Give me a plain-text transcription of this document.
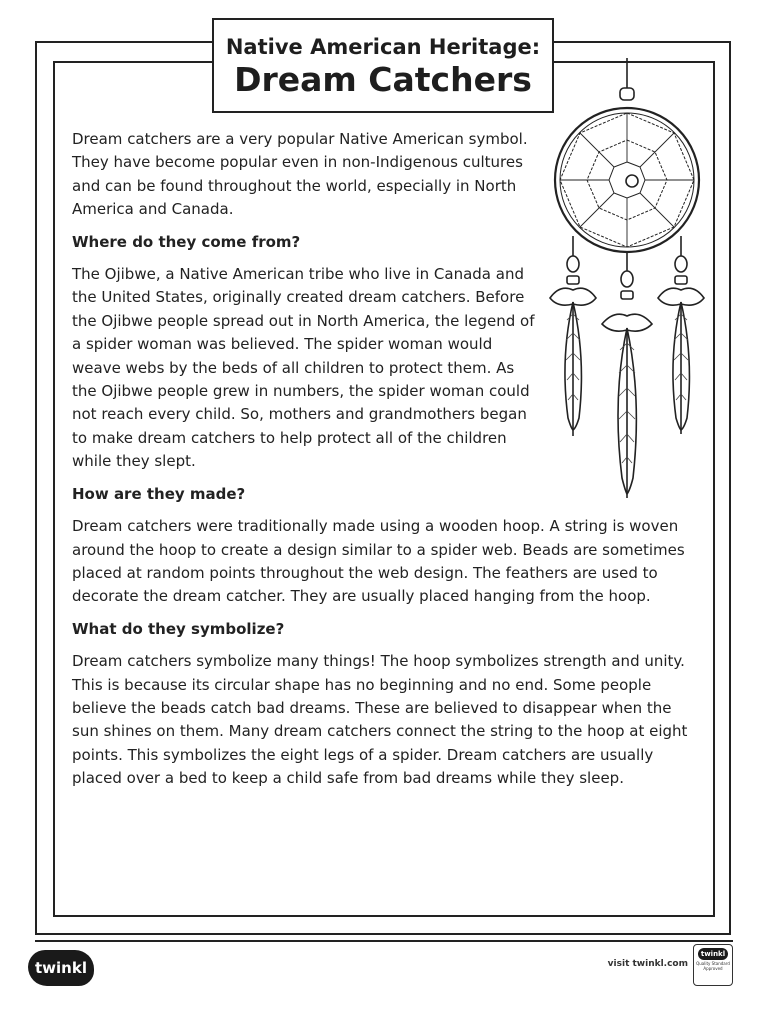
Native American Heritage:
Dream Catchers

Dream catchers are a very popular Native American symbol. They have become popular even in non-Indigenous cultures and can be found throughout the world, especially in North America and Canada.

Where do they come from?

The Ojibwe, a Native American tribe who live in Canada and the United States, originally created dream catchers. Before the Ojibwe people spread out in North America, the legend of a spider woman was believed. The spider woman would weave webs by the beds of all children to protect them. As the Ojibwe people grew in numbers, the spider woman could not reach every child. So, mothers and grandmothers began to make dream catchers to help protect all of the children while they slept.

How are they made?

Dream catchers were traditionally made using a wooden hoop. A string is woven around the hoop to create a design similar to a spider web. Beads are sometimes placed at random points throughout the web design. The feathers are used to decorate the dream catcher. They are usually placed hanging from the hoop.

What do they symbolize?

Dream catchers symbolize many things! The hoop symbolizes strength and unity. This is because its circular shape has no beginning and no end. Some people believe the beads catch bad dreams. These are believed to disappear when the sun shines on them. Many dream catchers connect the string to the hoop at eight points. This symbolizes the eight legs of a spider. Dream catchers are usually placed over a bed to keep a child safe from bad dreams while they sleep.

twinkl	visit twinkl.com
twinkl
Quality Standard Approved
